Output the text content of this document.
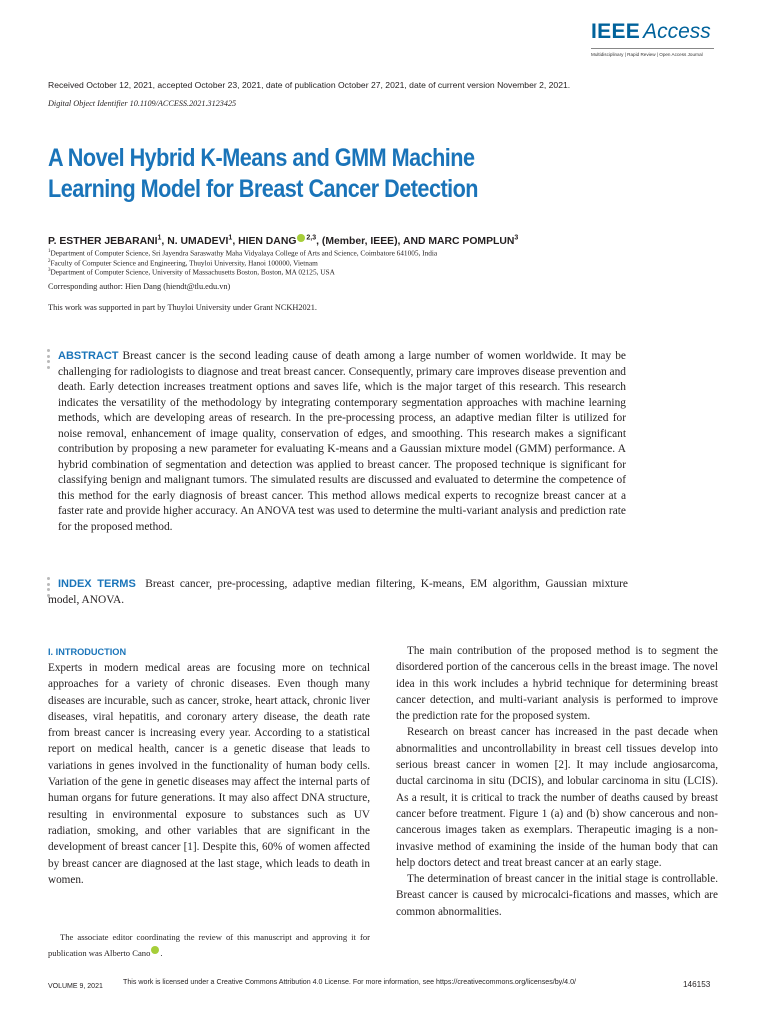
IEEE Access
Multidisciplinary | Rapid Review | Open Access Journal
Received October 12, 2021, accepted October 23, 2021, date of publication October 27, 2021, date of current version November 2, 2021.
Digital Object Identifier 10.1109/ACCESS.2021.3123425
A Novel Hybrid K-Means and GMM Machine
Learning Model for Breast Cancer Detection
P. ESTHER JEBARANI$^1$, N. UMADEVI$^1$, HIEN DANG $^{2,3}$, (Member, IEEE), AND MARC POMPLUN$^3$
$^1$Department of Computer Science, Sri Jayendra Saraswathy Maha Vidyalaya College of Arts and Science, Coimbatore 641005, India
$^2$Faculty of Computer Science and Engineering, Thuyloi University, Hanoi 100000, Vietnam
$^3$Department of Computer Science, University of Massachusetts Boston, Boston, MA 02125, USA
Corresponding author: Hien Dang (hiendt@tlu.edu.vn)
This work was supported in part by Thuyloi University under Grant NCKH2021.
ABSTRACT Breast cancer is the second leading cause of death among a large number of women worldwide. It may be challenging for radiologists to diagnose and treat breast cancer. Consequently, primary care improves disease prevention and death. Early detection increases treatment options and saves life, which is the major target of this research. This research indicates the versatility of the methodology by integrating contemporary segmentation approaches with machine learning methods, which are developing areas of research. In the pre-processing process, an adaptive median filter is utilized for noise removal, enhancement of image quality, conservation of edges, and smoothing. This research makes a significant contribution by proposing a new parameter for evaluating K-means and a Gaussian mixture model (GMM) performance. A hybrid combination of segmentation and detection was applied to breast cancer. The proposed technique is significant for classifying benign and malignant tumors. The simulated results are discussed and evaluated to determine the competence of this method for the early diagnosis of breast cancer. This method allows medical experts to recognize breast cancer at a faster rate and provide higher accuracy. An ANOVA test was used to determine the multi-variant analysis and prediction rate for the proposed method.
INDEX TERMS Breast cancer, pre-processing, adaptive median filtering, K-means, EM algorithm, Gaussian mixture model, ANOVA.
I. INTRODUCTION

Experts in modern medical areas are focusing more on technical approaches for a variety of chronic diseases. Even though many diseases are incurable, such as cancer, stroke, heart attack, chronic liver diseases, viral hepatitis, and coronary artery disease, the death rate from breast cancer is increasing every year. According to a statistical report on medical health, cancer is a genetic disease that leads to variations in genes involved in the functionality of human body cells. Variation of the gene in genetic diseases may affect the internal parts of human organs for future generations. It may also affect DNA structure, resulting in environmental exposure to substances such as UV radiation, smoking, and other variables that are significant in the development of breast cancer [1]. Despite this, 60% of women affected by breast cancer are diagnosed at the last stage, which leads to death in women.

The associate editor coordinating the review of this manuscript and approving it for publication was Alberto Cano .

The main contribution of the proposed method is to segment the disordered portion of the cancerous cells in the breast image. The novel idea in this work includes a hybrid technique for determining breast cancer detection, and multi-variant analysis is performed to improve the prediction rate for the proposed system.

Research on breast cancer has increased in the past decade when abnormalities and uncontrollability in breast cell tissues develop into serious breast cancer in women [2]. It may include angiosarcoma, ductal carcinoma in situ (DCIS), and lobular carcinoma in situ (LCIS). As a result, it is critical to track the number of deaths caused by breast cancer before treatment. Figure 1 (a) and (b) show cancerous and non-cancerous images taken as exemplars. Therapeutic imaging is a non-invasive method of examining the inside of the human body that can help doctors detect and treat breast cancer at an early stage.

The determination of breast cancer in the initial stage is controllable. Breast cancer is caused by microcalci-fications and masses, which are common abnormalities.

VOLUME 9, 2021
This work is licensed under a Creative Commons Attribution 4.0 License. For more information, see https://creativecommons.org/licenses/by/4.0/	146153
